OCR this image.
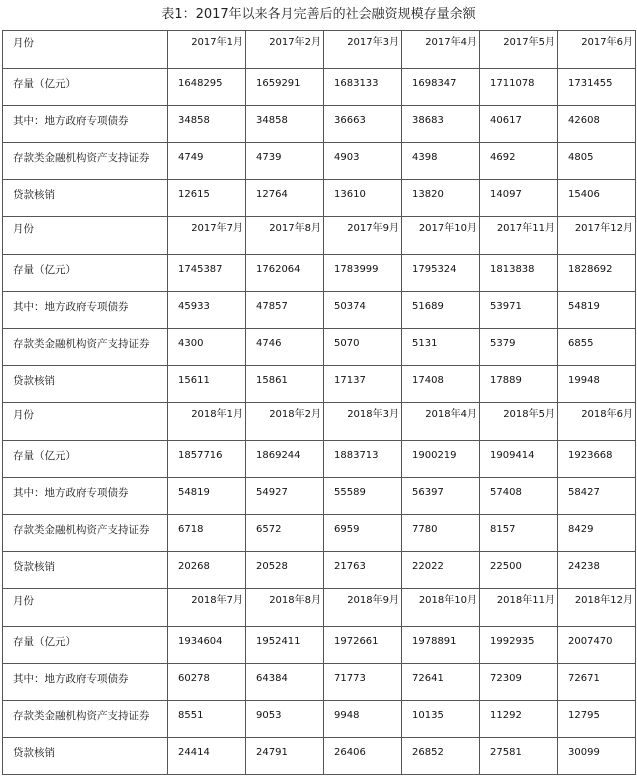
表1：2017年以来各月完善后的社会融资规模存量余额
月份	2017年1月	2017年2月	2017年3月	2017年4月	2017年5月	2017年6月
存量（亿元）	1648295	1659291	1683133	1698347	1711078	1731455
其中：地方政府专项债券	34858	34858	36663	38683	40617	42608
存款类金融机构资产支持证券	4749	4739	4903	4398	4692	4805
贷款核销	12615	12764	13610	13820	14097	15406
月份	2017年7月	2017年8月	2017年9月	2017年10月	2017年11月	2017年12月
存量（亿元）	1745387	1762064	1783999	1795324	1813838	1828692
其中：地方政府专项债券	45933	47857	50374	51689	53971	54819
存款类金融机构资产支持证券	4300	4746	5070	5131	5379	6855
贷款核销	15611	15861	17137	17408	17889	19948
月份	2018年1月	2018年2月	2018年3月	2018年4月	2018年5月	2018年6月
存量（亿元）	1857716	1869244	1883713	1900219	1909414	1923668
其中：地方政府专项债券	54819	54927	55589	56397	57408	58427
存款类金融机构资产支持证券	6718	6572	6959	7780	8157	8429
贷款核销	20268	20528	21763	22022	22500	24238
月份	2018年7月	2018年8月	2018年9月	2018年10月	2018年11月	2018年12月
存量（亿元）	1934604	1952411	1972661	1978891	1992935	2007470
其中：地方政府专项债券	60278	64384	71773	72641	72309	72671
存款类金融机构资产支持证券	8551	9053	9948	10135	11292	12795
贷款核销	24414	24791	26406	26852	27581	30099
